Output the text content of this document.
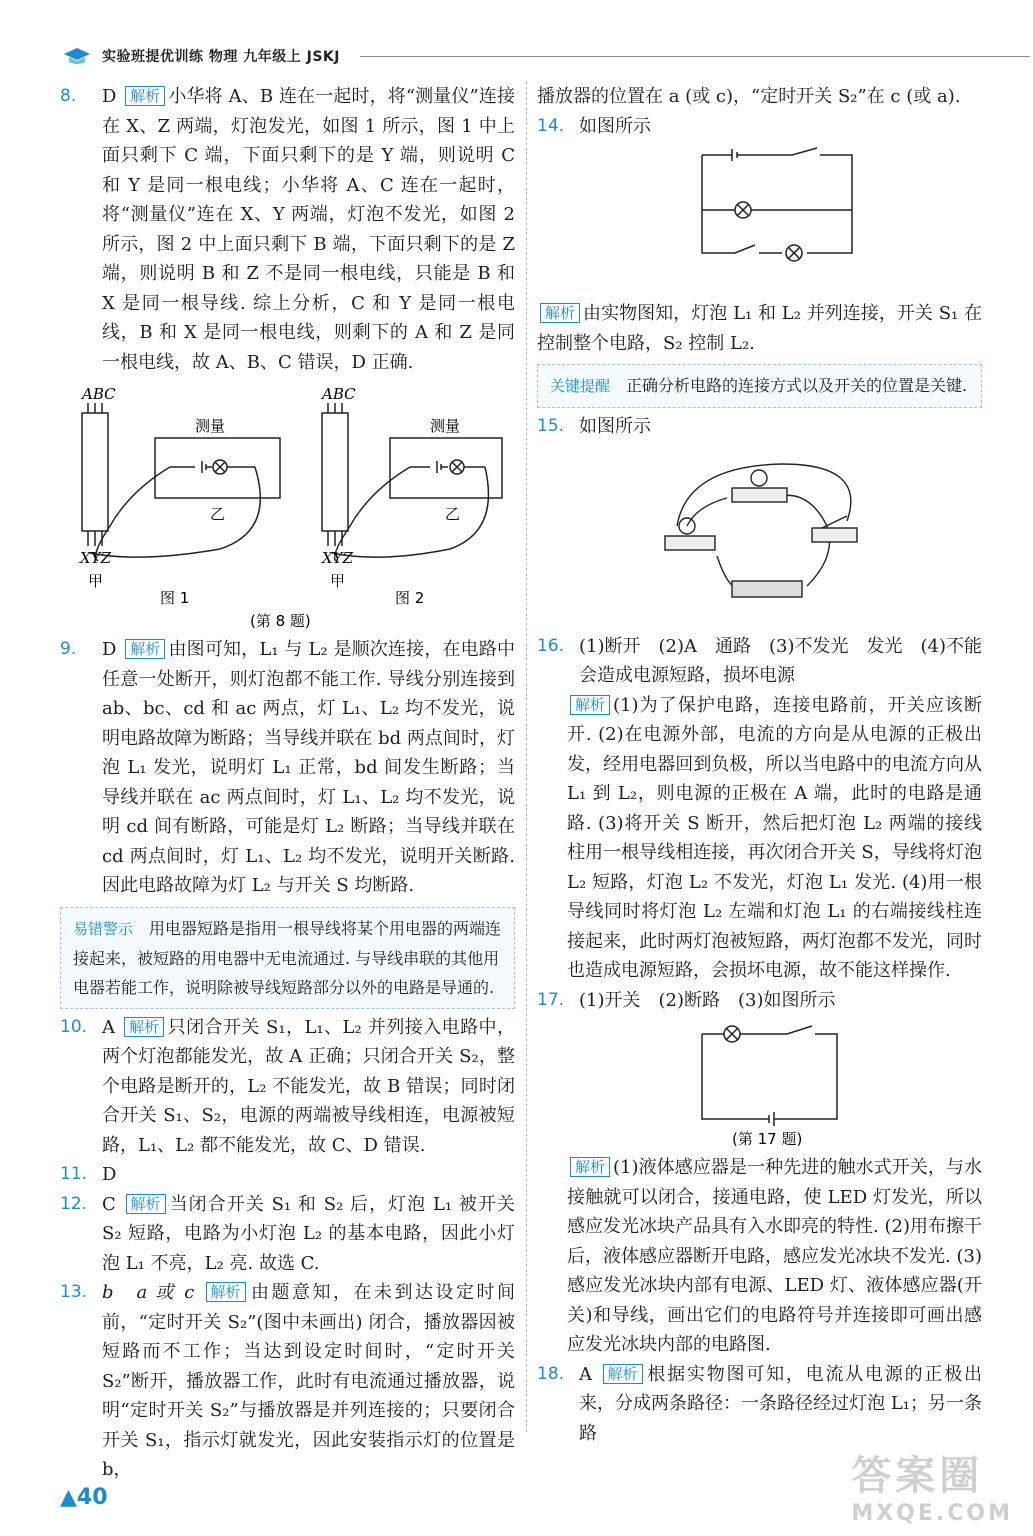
实验班提优训练 物理 九年级上 JSKJ
8. D 解析 小华将 A、B 连在一起时，将“测量仪”连接在 X、Z 两端，灯泡发光，如图 1 所示，图 1 中上面只剩下 C 端，下面只剩下的是 Y 端，则说明 C 和 Y 是同一根电线；小华将 A、C 连在一起时，将“测量仪”连在 X、Y 两端，灯泡不发光，如图 2 所示，图 2 中上面只剩下 B 端，下面只剩下的是 Z 端，则说明 B 和 Z 不是同一根电线，只能是 B 和 X 是同一根导线. 综上分析，C 和 Y 是同一根电线，B 和 X 是同一根电线，则剩下的 A 和 Z 是同一根电线，故 A、B、C 错误，D 正确.
ABC	ABC
XYZ	XYZ
测量	测量
乙	乙
甲	甲
图 1	图 2
(第 8 题)
9. D 解析 由图可知，L₁ 与 L₂ 是顺次连接，在电路中任意一处断开，则灯泡都不能工作. 导线分别连接到 ab、bc、cd 和 ac 两点，灯 L₁、L₂ 均不发光，说明电路故障为断路；当导线并联在 bd 两点间时，灯泡 L₁ 发光，说明灯 L₁ 正常，bd 间发生断路；当导线并联在 ac 两点间时，灯 L₁、L₂ 均不发光，说明 cd 间有断路，可能是灯 L₂ 断路；当导线并联在 cd 两点间时，灯 L₁、L₂ 均不发光，说明开关断路. 因此电路故障为灯 L₂ 与开关 S 均断路.
易错警示　 用电器短路是指用一根导线将某个用电器的两端连接起来，被短路的用电器中无电流通过. 与导线串联的其他用电器若能工作，说明除被导线短路部分以外的电路是导通的.
10. A 解析 只闭合开关 S₁，L₁、L₂ 并列接入电路中，两个灯泡都能发光，故 A 正确；只闭合开关 S₂，整个电路是断开的，L₂ 不能发光，故 B 错误；同时闭合开关 S₁、S₂，电源的两端被导线相连，电源被短路，L₁、L₂ 都不能发光，故 C、D 错误.
11. D
12. C 解析 当闭合开关 S₁ 和 S₂ 后，灯泡 L₁ 被开关 S₂ 短路，电路为小灯泡 L₂ 的基本电路，因此小灯泡 L₁ 不亮，L₂ 亮. 故选 C.
13. b　a 或 c 解析 由题意知，在未到达设定时间前，“定时开关 S₂”(图中未画出) 闭合，播放器因被短路而不工作；当达到设定时间时，“定时开关 S₂”断开，播放器工作，此时有电流通过播放器，说明“定时开关 S₂”与播放器是并列连接的；只要闭合开关 S₁，指示灯就发光，因此安装指示灯的位置是 b，
播放器的位置在 a (或 c)，“定时开关 S₂”在 c (或 a).
14. 如图所示
解析 由实物图知，灯泡 L₁ 和 L₂ 并列连接，开关 S₁ 在控制整个电路，S₂ 控制 L₂.
关键提醒　 正确分析电路的连接方式以及开关的位置是关键.
15. 如图所示
16. (1)断开　(2)A　通路　(3)不发光　发光　(4)不能　会造成电源短路，损坏电源
解析 (1)为了保护电路，连接电路前，开关应该断开. (2)在电源外部，电流的方向是从电源的正极出发，经用电器回到负极，所以当电路中的电流方向从 L₁ 到 L₂，则电源的正极在 A 端，此时的电路是通路. (3)将开关 S 断开，然后把灯泡 L₂ 两端的接线柱用一根导线相连接，再次闭合开关 S，导线将灯泡 L₂ 短路，灯泡 L₂ 不发光，灯泡 L₁ 发光. (4)用一根导线同时将灯泡 L₂ 左端和灯泡 L₁ 的右端接线柱连接起来，此时两灯泡被短路，两灯泡都不发光，同时也造成电源短路，会损坏电源，故不能这样操作.
17. (1)开关　(2)断路　(3)如图所示
(第 17 题)
解析 (1)液体感应器是一种先进的触水式开关，与水接触就可以闭合，接通电路，使 LED 灯发光，所以感应发光冰块产品具有入水即亮的特性. (2)用布擦干后，液体感应器断开电路，感应发光冰块不发光. (3)感应发光冰块内部有电源、LED 灯、液体感应器(开关)和导线，画出它们的电路符号并连接即可画出感应发光冰块内部的电路图.
18. A 解析 根据实物图可知，电流从电源的正极出来，分成两条路径：一条路径经过灯泡 L₁；另一条路
▲40	答案圈
MXQE.COM
